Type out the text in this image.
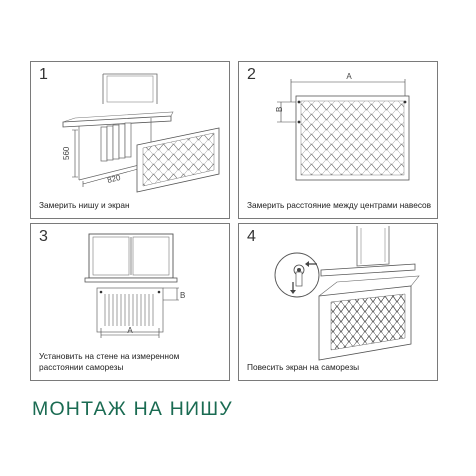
1
560
820
Замерить нишу и экран
2	A
B
Замерить расстояние между центрами навесов
3
A
B
Установить на стене на измеренном расстоянии саморезы
4
Повесить экран на саморезы
МОНТАЖ НА НИШУ
